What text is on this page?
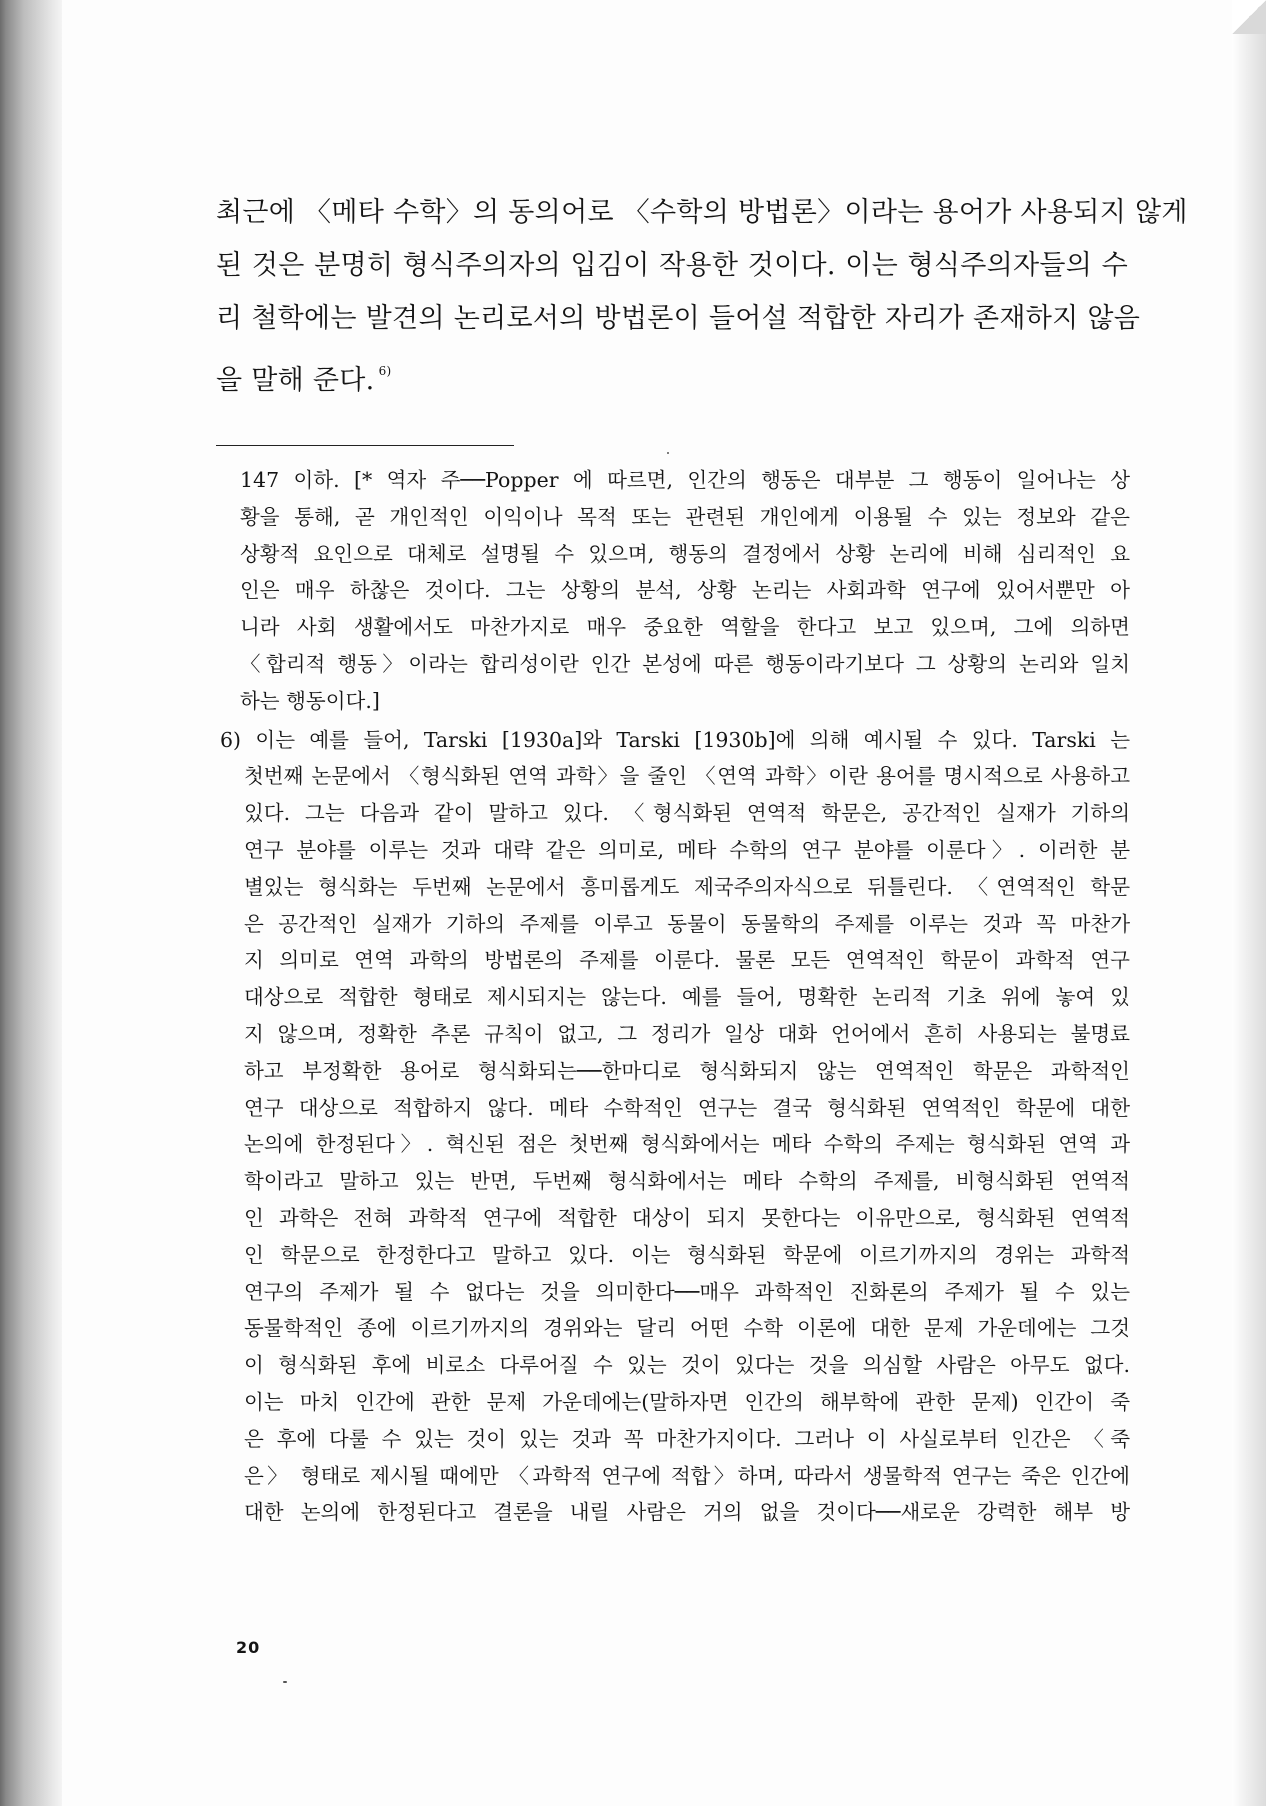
최근에 〈메타 수학〉의 동의어로 〈수학의 방법론〉이라는 용어가 사용되지 않게
된 것은 분명히 형식주의자의 입김이 작용한 것이다. 이는 형식주의자들의 수
리 철학에는 발견의 논리로서의 방법론이 들어설 적합한 자리가 존재하지 않음
을 말해 준다. $^{6)}$
147 이하. [* 역자 주──Popper 에 따르면, 인간의 행동은 대부분 그 행동이 일어나는 상
황을 통해, 곧 개인적인 이익이나 목적 또는 관련된 개인에게 이용될 수 있는 정보와 같은
상황적 요인으로 대체로 설명될 수 있으며, 행동의 결정에서 상황 논리에 비해 심리적인 요
인은 매우 하찮은 것이다. 그는 상황의 분석, 상황 논리는 사회과학 연구에 있어서뿐만 아
니라 사회 생활에서도 마찬가지로 매우 중요한 역할을 한다고 보고 있으며, 그에 의하면
〈합리적 행동〉이라는 합리성이란 인간 본성에 따른 행동이라기보다 그 상황의 논리와 일치
하는 행동이다.]
6) 이는 예를 들어, Tarski [1930a]와 Tarski [1930b]에 의해 예시될 수 있다. Tarski 는
첫번째 논문에서 〈형식화된 연역 과학〉을 줄인 〈연역 과학〉이란 용어를 명시적으로 사용하고
있다. 그는 다음과 같이 말하고 있다. 〈형식화된 연역적 학문은, 공간적인 실재가 기하의
연구 분야를 이루는 것과 대략 같은 의미로, 메타 수학의 연구 분야를 이룬다〉. 이러한 분
별있는 형식화는 두번째 논문에서 흥미롭게도 제국주의자식으로 뒤틀린다. 〈연역적인 학문
은 공간적인 실재가 기하의 주제를 이루고 동물이 동물학의 주제를 이루는 것과 꼭 마찬가
지 의미로 연역 과학의 방법론의 주제를 이룬다. 물론 모든 연역적인 학문이 과학적 연구
대상으로 적합한 형태로 제시되지는 않는다. 예를 들어, 명확한 논리적 기초 위에 놓여 있
지 않으며, 정확한 추론 규칙이 없고, 그 정리가 일상 대화 언어에서 흔히 사용되는 불명료
하고 부정확한 용어로 형식화되는──한마디로 형식화되지 않는 연역적인 학문은 과학적인
연구 대상으로 적합하지 않다. 메타 수학적인 연구는 결국 형식화된 연역적인 학문에 대한
논의에 한정된다〉. 혁신된 점은 첫번째 형식화에서는 메타 수학의 주제는 형식화된 연역 과
학이라고 말하고 있는 반면, 두번째 형식화에서는 메타 수학의 주제를, 비형식화된 연역적
인 과학은 전혀 과학적 연구에 적합한 대상이 되지 못한다는 이유만으로, 형식화된 연역적
인 학문으로 한정한다고 말하고 있다. 이는 형식화된 학문에 이르기까지의 경위는 과학적
연구의 주제가 될 수 없다는 것을 의미한다──매우 과학적인 진화론의 주제가 될 수 있는
동물학적인 종에 이르기까지의 경위와는 달리 어떤 수학 이론에 대한 문제 가운데에는 그것
이 형식화된 후에 비로소 다루어질 수 있는 것이 있다는 것을 의심할 사람은 아무도 없다.
이는 마치 인간에 관한 문제 가운데에는(말하자면 인간의 해부학에 관한 문제) 인간이 죽
은 후에 다룰 수 있는 것이 있는 것과 꼭 마찬가지이다. 그러나 이 사실로부터 인간은 〈죽
은〉 형태로 제시될 때에만 〈과학적 연구에 적합〉하며, 따라서 생물학적 연구는 죽은 인간에
대한 논의에 한정된다고 결론을 내릴 사람은 거의 없을 것이다──새로운 강력한 해부 방
20
